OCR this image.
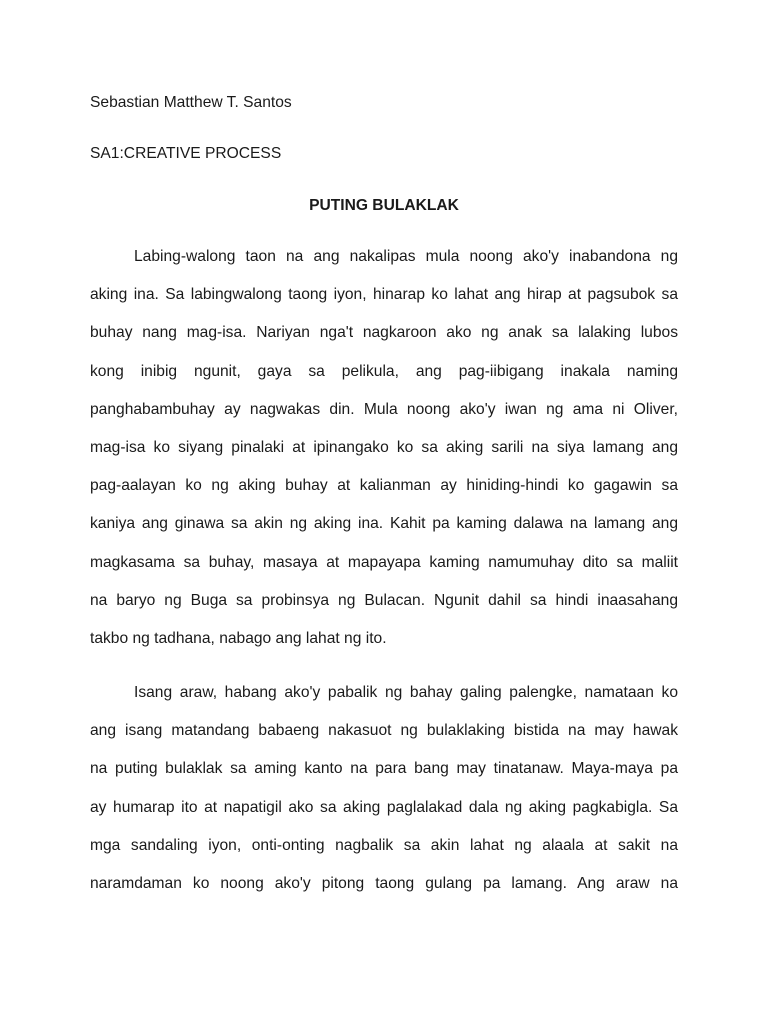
Sebastian Matthew T. Santos
SA1:CREATIVE PROCESS
PUTING BULAKLAK
Labing-walong taon na ang nakalipas mula noong ako'y inabandona ng
aking ina. Sa labingwalong taong iyon, hinarap ko lahat ang hirap at pagsubok sa
buhay nang mag-isa. Nariyan nga't nagkaroon ako ng anak sa lalaking lubos
kong inibig ngunit, gaya sa pelikula, ang pag-iibigang inakala naming
panghabambuhay ay nagwakas din. Mula noong ako'y iwan ng ama ni Oliver,
mag-isa ko siyang pinalaki at ipinangako ko sa aking sarili na siya lamang ang
pag-aalayan ko ng aking buhay at kalianman ay hiniding-hindi ko gagawin sa
kaniya ang ginawa sa akin ng aking ina. Kahit pa kaming dalawa na lamang ang
magkasama sa buhay, masaya at mapayapa kaming namumuhay dito sa maliit
na baryo ng Buga sa probinsya ng Bulacan. Ngunit dahil sa hindi inaasahang
takbo ng tadhana, nabago ang lahat ng ito.
Isang araw, habang ako'y pabalik ng bahay galing palengke, namataan ko
ang isang matandang babaeng nakasuot ng bulaklaking bistida na may hawak
na puting bulaklak sa aming kanto na para bang may tinatanaw. Maya-maya pa
ay humarap ito at napatigil ako sa aking paglalakad dala ng aking pagkabigla. Sa
mga sandaling iyon, onti-onting nagbalik sa akin lahat ng alaala at sakit na
naramdaman ko noong ako'y pitong taong gulang pa lamang. Ang araw na
